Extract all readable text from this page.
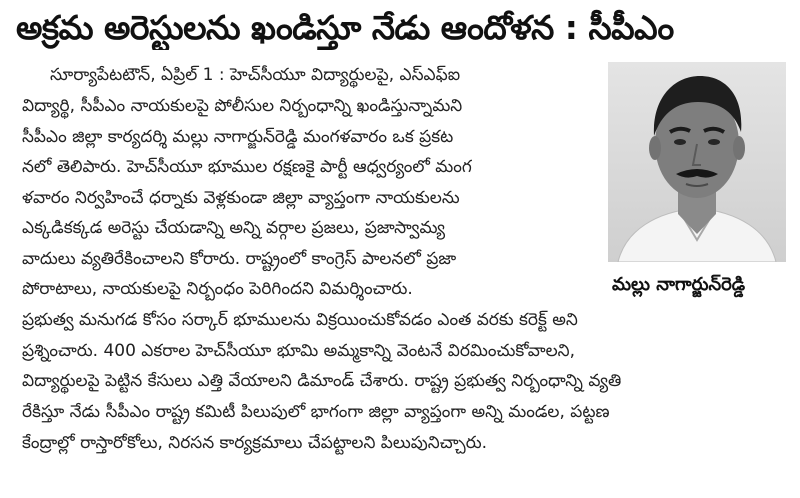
అక్రమ అరెస్టులను ఖండిస్తూ నేడు ఆందోళన : సీపీఎం
సూర్యాపేటటౌన్, ఏప్రిల్ 1 : హెచ్‌సీయూ విద్యార్థులపై, ఎస్ఎఫ్ఐ
విద్యార్థి, సీపీఎం నాయకులపై పోలీసుల నిర్బంధాన్ని ఖండిస్తున్నామని
సీపీఎం జిల్లా కార్యదర్శి మల్లు నాగార్జున్‌రెడ్డి మంగళవారం ఒక ప్రకట
నలో తెలిపారు. హెచ్‌సీయూ భూముల రక్షణకై పార్టీ ఆధ్వర్యంలో మంగ
ళవారం నిర్వహించే ధర్నాకు వెళ్లకుండా జిల్లా వ్యాప్తంగా నాయకులను
ఎక్కడికక్కడ అరెస్టు చేయడాన్ని అన్ని వర్గాల ప్రజలు, ప్రజాస్వామ్య
వాదులు వ్యతిరేకించాలని కోరారు. రాష్ట్రంలో కాంగ్రెస్ పాలనలో ప్రజా
పోరాటాలు, నాయకులపై నిర్బంధం పెరిగిందని విమర్శించారు.
ప్రభుత్వ మనుగడ కోసం సర్కార్ భూములను విక్రయించుకోవడం ఎంత వరకు కరెక్ట్ అని
ప్రశ్నించారు. 400 ఎకరాల హెచ్‌సీయూ భూమి అమ్మకాన్ని వెంటనే విరమించుకోవాలని,
విద్యార్థులపై పెట్టిన కేసులు ఎత్తి వేయాలని డిమాండ్ చేశారు. రాష్ట్ర ప్రభుత్వ నిర్బంధాన్ని వ్యతి
రేకిస్తూ నేడు సీపీఎం రాష్ట్ర కమిటీ పిలుపులో భాగంగా జిల్లా వ్యాప్తంగా అన్ని మండల, పట్టణ
కేంద్రాల్లో రాస్తారోకోలు, నిరసన కార్యక్రమాలు చేపట్టాలని పిలుపునిచ్చారు.
మల్లు నాగార్జున్‌రెడ్డి
